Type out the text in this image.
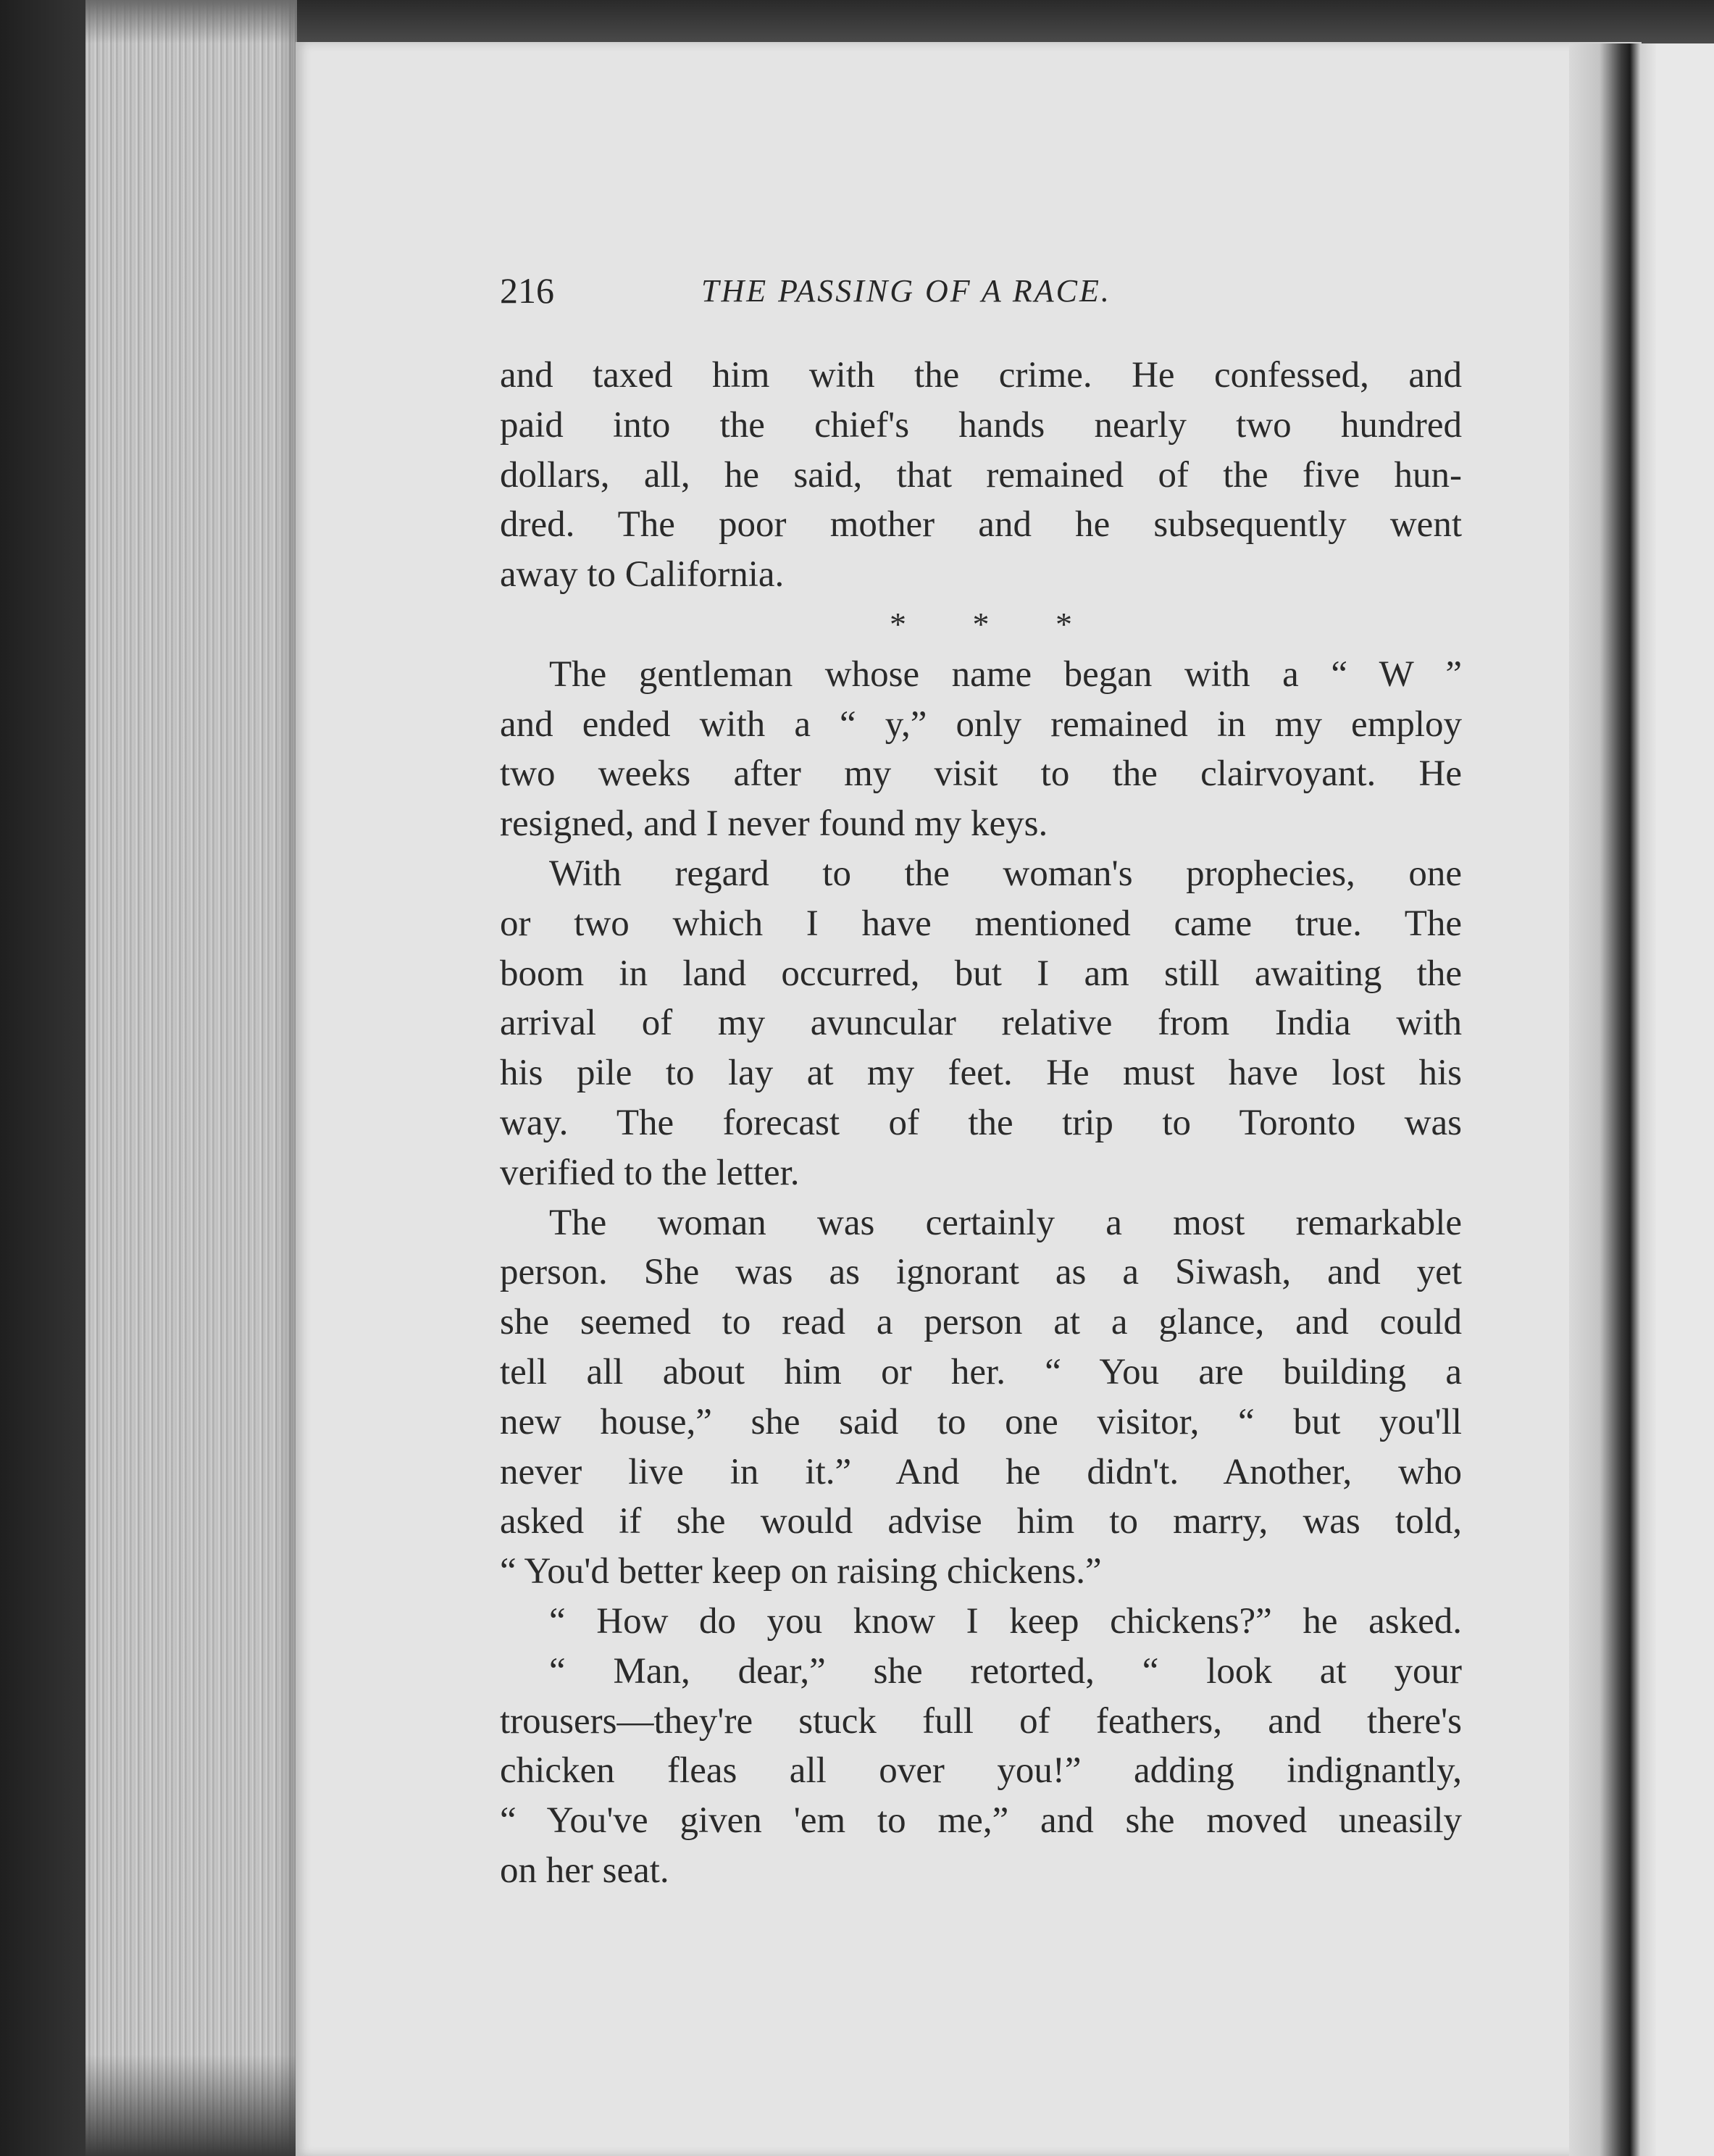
216	THE PASSING OF A RACE.
and taxed him with the crime. He confessed, and
paid into the chief's hands nearly two hundred
dollars, all, he said, that remained of the five hun-
dred. The poor mother and he subsequently went
away to California.
* * *
The gentleman whose name began with a “ W ”
and ended with a “ y,” only remained in my employ
two weeks after my visit to the clairvoyant. He
resigned, and I never found my keys.
With regard to the woman's prophecies, one
or two which I have mentioned came true. The
boom in land occurred, but I am still awaiting the
arrival of my avuncular relative from India with
his pile to lay at my feet. He must have lost his
way. The forecast of the trip to Toronto was
verified to the letter.
The woman was certainly a most remarkable
person. She was as ignorant as a Siwash, and yet
she seemed to read a person at a glance, and could
tell all about him or her. “ You are building a
new house,” she said to one visitor, “ but you'll
never live in it.” And he didn't. Another, who
asked if she would advise him to marry, was told,
“ You'd better keep on raising chickens.”
“ How do you know I keep chickens?” he asked.
“ Man, dear,” she retorted, “ look at your
trousers—they're stuck full of feathers, and there's
chicken fleas all over you!” adding indignantly,
“ You've given 'em to me,” and she moved uneasily
on her seat.
